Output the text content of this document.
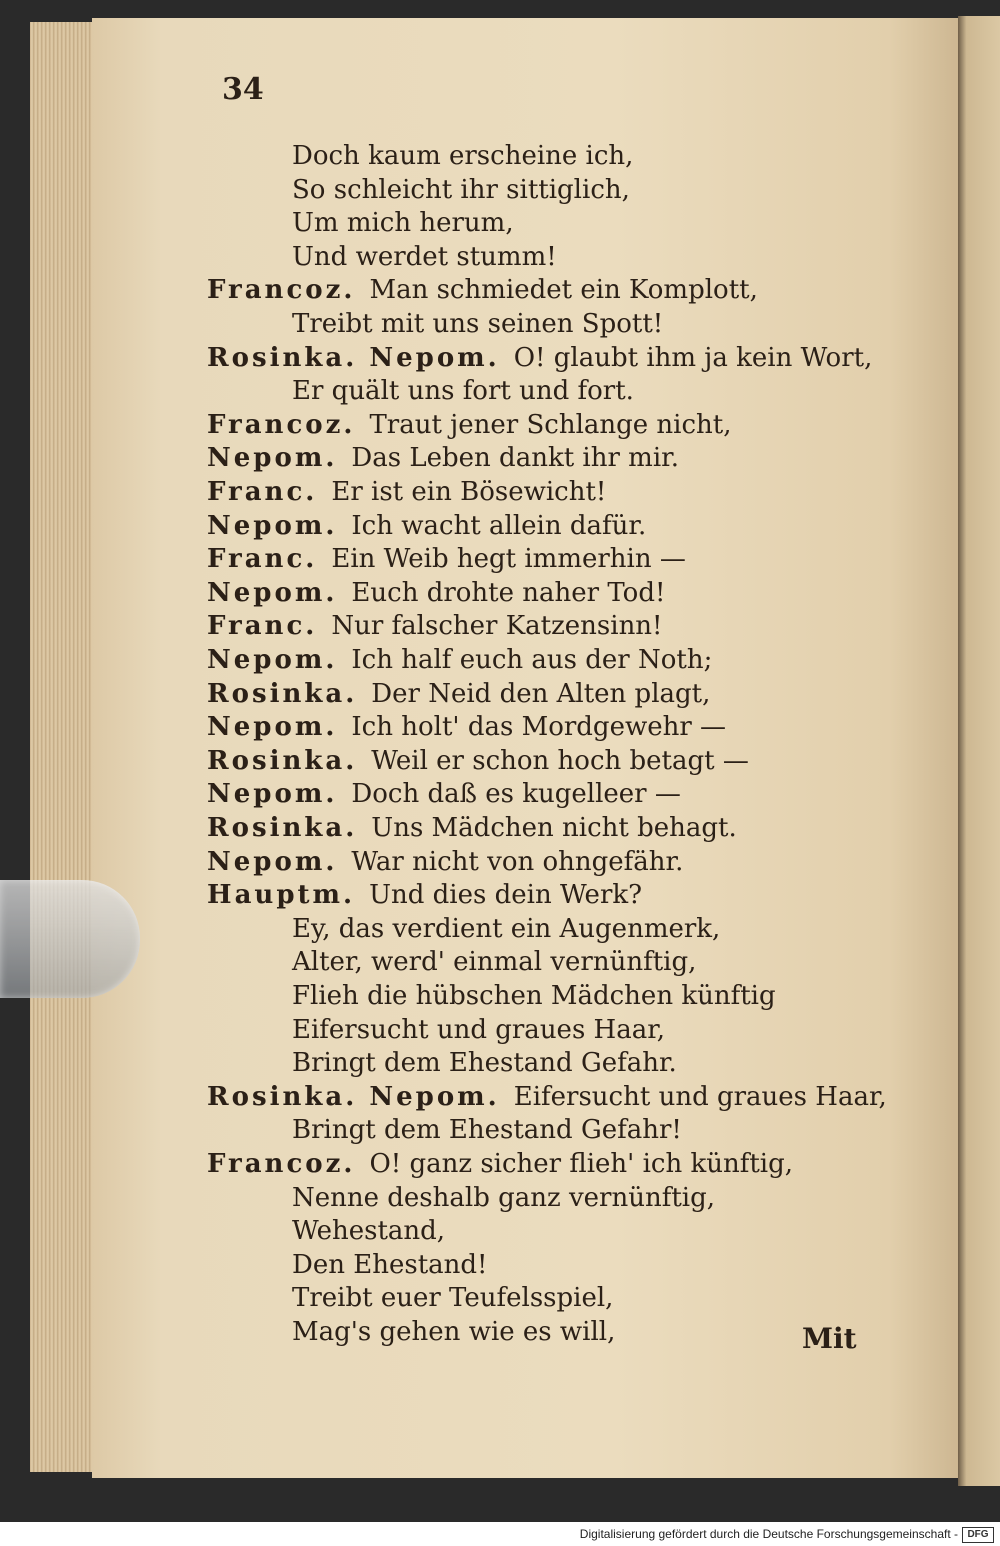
34
Doch kaum erscheine ich,
So schleicht ihr sittiglich,
Um mich herum,
Und werdet stumm!
Francoz. Man schmiedet ein Komplott,
Treibt mit uns seinen Spott!
Rosinka. Nepom. O! glaubt ihm ja kein Wort,
Er quält uns fort und fort.
Francoz. Traut jener Schlange nicht,
Nepom. Das Leben dankt ihr mir.
Franc. Er ist ein Bösewicht!
Nepom. Ich wacht allein dafür.
Franc. Ein Weib hegt immerhin —
Nepom. Euch drohte naher Tod!
Franc. Nur falscher Katzensinn!
Nepom. Ich half euch aus der Noth;
Rosinka. Der Neid den Alten plagt,
Nepom. Ich holt' das Mordgewehr —
Rosinka. Weil er schon hoch betagt —
Nepom. Doch daß es kugelleer —
Rosinka. Uns Mädchen nicht behagt.
Nepom. War nicht von ohngefähr.
Hauptm. Und dies dein Werk?
Ey, das verdient ein Augenmerk,
Alter, werd' einmal vernünftig,
Flieh die hübschen Mädchen künftig
Eifersucht und graues Haar,
Bringt dem Ehestand Gefahr.
Rosinka. Nepom. Eifersucht und graues Haar,
Bringt dem Ehestand Gefahr!
Francoz. O! ganz sicher flieh' ich künftig,
Nenne deshalb ganz vernünftig,
Wehestand,
Den Ehestand!
Treibt euer Teufelsspiel,
Mag's gehen wie es will,	Mit
Digitalisierung gefördert durch die Deutsche Forschungsgemeinschaft - DFG
